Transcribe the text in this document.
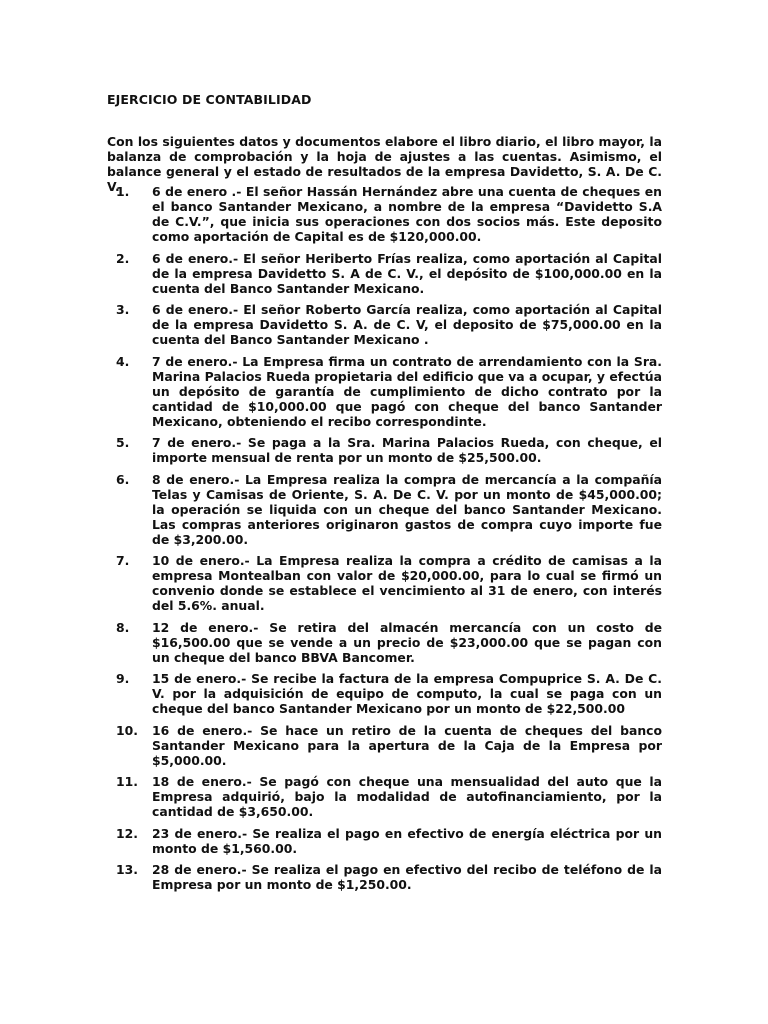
EJERCICIO DE CONTABILIDAD
Con los siguientes datos y documentos elabore el libro diario, el libro mayor, la balanza de comprobación y la hoja de ajustes a las cuentas. Asimismo, el balance general y el estado de resultados de la empresa Davidetto, S. A. De C. V.
1.	6 de enero .- El señor Hassán Hernández abre una cuenta de cheques en el banco Santander Mexicano, a nombre de la empresa “Davidetto S.A de C.V.”, que inicia sus operaciones con dos socios más. Este deposito como aportación de Capital es de $120,000.00.
2.	6 de enero.- El señor Heriberto Frías realiza, como aportación al Capital de la empresa Davidetto S. A de C. V., el depósito de $100,000.00 en la cuenta del Banco Santander Mexicano.
3.	6 de enero.- El señor Roberto García realiza, como aportación al Capital de la empresa Davidetto S. A. de C. V, el deposito de $75,000.00 en la cuenta del Banco Santander Mexicano .
4.	7 de enero.- La Empresa firma un contrato de arrendamiento con la Sra. Marina Palacios Rueda propietaria del edificio que va a ocupar, y efectúa un depósito de garantía de cumplimiento de dicho contrato por la cantidad de $10,000.00 que pagó con cheque del banco Santander Mexicano, obteniendo el recibo correspondinte.
5.	7 de enero.- Se paga a la Sra. Marina Palacios Rueda, con cheque, el importe mensual de renta por un monto de $25,500.00.
6.	8 de enero.- La Empresa realiza la compra de mercancía a la compañía Telas y Camisas de Oriente, S. A. De C. V. por un monto de $45,000.00; la operación se liquida con un cheque del banco Santander Mexicano. Las compras anteriores originaron gastos de compra cuyo importe fue de $3,200.00.
7.	10 de enero.- La Empresa realiza la compra a crédito de camisas a la empresa Montealban con valor de $20,000.00, para lo cual se firmó un convenio donde se establece el vencimiento al 31 de enero, con interés del 5.6%. anual.
8.	12 de enero.- Se retira del almacén mercancía con un costo de $16,500.00 que se vende a un precio de $23,000.00 que se pagan con un cheque del banco BBVA Bancomer.
9.	15 de enero.- Se recibe la factura de la empresa Compuprice S. A. De C. V. por la adquisición de equipo de computo, la cual se paga con un cheque del banco Santander Mexicano por un monto de $22,500.00
10.	16 de enero.- Se hace un retiro de la cuenta de cheques del banco Santander Mexicano para la apertura de la Caja de la Empresa por $5,000.00.
11.	18 de enero.- Se pagó con cheque una mensualidad del auto que la Empresa adquirió, bajo la modalidad de autofinanciamiento, por la cantidad de $3,650.00.
12.	23 de enero.- Se realiza el pago en efectivo de energía eléctrica por un monto de $1,560.00.
13.	28 de enero.- Se realiza el pago en efectivo del recibo de teléfono de la Empresa por un monto de $1,250.00.
